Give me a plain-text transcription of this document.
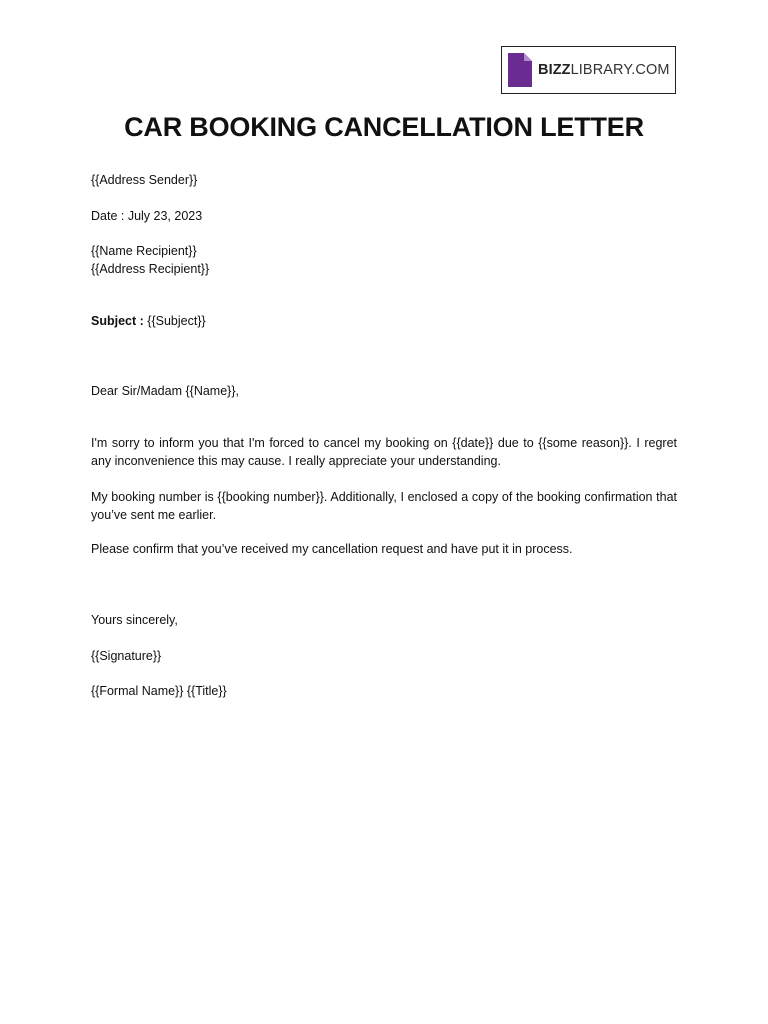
BIZZLIBRARY.COM
CAR BOOKING CANCELLATION LETTER
{{Address Sender}}
Date : July 23, 2023
{{Name Recipient}}
{{Address Recipient}}
Subject : {{Subject}}
Dear Sir/Madam {{Name}},

I'm sorry to inform you that I'm forced to cancel my booking on {{date}} due to {{some reason}}. I regret any inconvenience this may cause. I really appreciate your understanding.

My booking number is {{booking number}}. Additionally, I enclosed a copy of the booking confirmation that you’ve sent me earlier.

Please confirm that you’ve received my cancellation request and have put it in process.

Yours sincerely,
{{Signature}}
{{Formal Name}} {{Title}}
